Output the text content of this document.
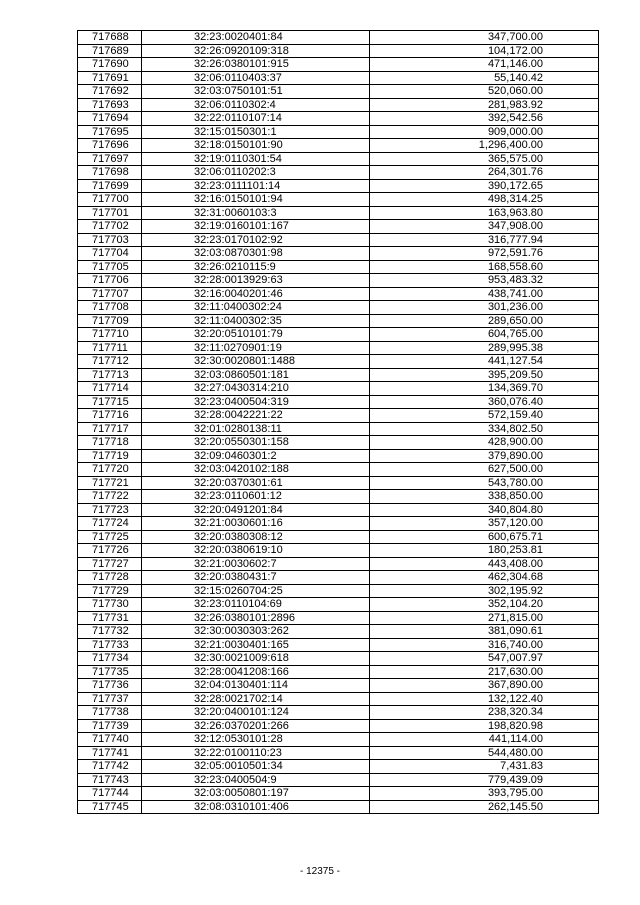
717688	32:23:0020401:84	347,700.00
717689	32:26:0920109:318	104,172.00
717690	32:26:0380101:915	471,146.00
717691	32:06:0110403:37	55,140.42
717692	32:03:0750101:51	520,060.00
717693	32:06:0110302:4	281,983.92
717694	32:22:0110107:14	392,542.56
717695	32:15:0150301:1	909,000.00
717696	32:18:0150101:90	1,296,400.00
717697	32:19:0110301:54	365,575.00
717698	32:06:0110202:3	264,301.76
717699	32:23:0111101:14	390,172.65
717700	32:16:0150101:94	498,314.25
717701	32:31:0060103:3	163,963.80
717702	32:19:0160101:167	347,908.00
717703	32:23:0170102:92	316,777.94
717704	32:03:0870301:98	972,591.76
717705	32:26:0210115:9	168,558.60
717706	32:28:0013929:63	953,483.32
717707	32:16:0040201:46	438,741.00
717708	32:11:0400302:24	301,236.00
717709	32:11:0400302:35	289,650.00
717710	32:20:0510101:79	604,765.00
717711	32:11:0270901:19	289,995.38
717712	32:30:0020801:1488	441,127.54
717713	32:03:0860501:181	395,209.50
717714	32:27:0430314:210	134,369.70
717715	32:23:0400504:319	360,076.40
717716	32:28:0042221:22	572,159.40
717717	32:01:0280138:11	334,802.50
717718	32:20:0550301:158	428,900.00
717719	32:09:0460301:2	379,890.00
717720	32:03:0420102:188	627,500.00
717721	32:20:0370301:61	543,780.00
717722	32:23:0110601:12	338,850.00
717723	32:20:0491201:84	340,804.80
717724	32:21:0030601:16	357,120.00
717725	32:20:0380308:12	600,675.71
717726	32:20:0380619:10	180,253.81
717727	32:21:0030602:7	443,408.00
717728	32:20:0380431:7	462,304.68
717729	32:15:0260704:25	302,195.92
717730	32:23:0110104:69	352,104.20
717731	32:26:0380101:2896	271,815.00
717732	32:30:0030303:262	381,090.61
717733	32:21:0030401:165	316,740.00
717734	32:30:0021009:618	547,007.97
717735	32:28:0041208:166	217,630.00
717736	32:04:0130401:114	367,890.00
717737	32:28:0021702:14	132,122.40
717738	32:20:0400101:124	238,320.34
717739	32:26:0370201:266	198,820.98
717740	32:12:0530101:28	441,114.00
717741	32:22:0100110:23	544,480.00
717742	32:05:0010501:34	7,431.83
717743	32:23:0400504:9	779,439.09
717744	32:03:0050801:197	393,795.00
717745	32:08:0310101:406	262,145.50
- 12375 -
